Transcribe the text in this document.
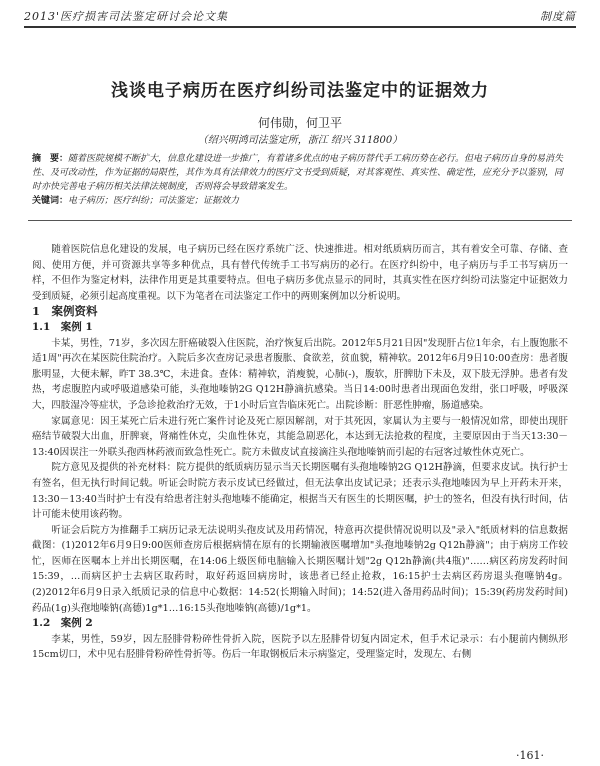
2013'医疗损害司法鉴定研讨会论文集	制度篇
浅谈电子病历在医疗纠纷司法鉴定中的证据效力
何伟勋，何卫平
（绍兴明鸿司法鉴定所，浙江 绍兴 311800）

摘　要：随着医院规模不断扩大，信息化建设进一步推广，有着诸多优点的电子病历替代手工病历势在必行。但电子病历自身的易消失性、及可改动性，作为证据的局限性，其作为具有法律效力的医疗文书受到质疑，对其客观性、真实性、确定性，应充分予以鉴别，同时亦快完善电子病历相关法律法规制度，否则将会导致错案发生。

关键词：电子病历；医疗纠纷；司法鉴定；证据效力

随着医院信息化建设的发展，电子病历已经在医疗系统广泛、快速推进。相对纸质病历而言，其有着安全可靠、存储、查阅、使用方便，并可资源共享等多种优点，具有替代传统手工书写病历的必行。在医疗纠纷中，电子病历与手工书写病历一样，不但作为鉴定材料，法律作用更是其重要特点。但电子病历多优点显示的同时，其真实性在医疗纠纷司法鉴定中证据效力受到质疑，必须引起高度重视。以下为笔者在司法鉴定工作中的两则案例加以分析说明。

1　案例资料

1.1　案例 1

卡某，男性，71岁，多次因左肝癌破裂入住医院，治疗恢复后出院。2012年5月21日因"发现肝占位1年余，右上腹饱胀不适1周"再次在某医院住院治疗。入院后多次查房记录患者腹胀、食欲差，贫血貌，精神软。2012年6月9日10:00查房：患者腹胀明显，大便未解，昨T 38.3℃，未进食。查体：精神软，消瘦貌，心肺(-)，腹软，肝脾肋下未及，双下肢无浮肿。患者有发热，考虑腹腔内或呼吸道感染可能，头孢地嗪钠2G Q12H静滴抗感染。当日14:00时患者出现面色发绀，张口呼吸，呼吸深大，四肢湿冷等症状，予急诊抢救治疗无效，于1小时后宣告临床死亡。出院诊断：肝恶性肿瘤，肠道感染。

家属意见：因王某死亡后未进行死亡案件讨论及死亡原因解剖，对于其死因，家属认为主要与一般情况如常，即使出现肝癌结节破裂大出血，肝脾衰，肾痛性休克，尖血性休克，其能急剧恶化，本达到无法抢救的程度，主要原因由于当天13:30－13:40因误注一外联头孢西林药液而致急性死亡。院方未做皮试直接滴注头孢地嗪钠而引起的右冠客过敏性休克死亡。

院方意见及提供的补充材料：院方提供的纸质病历显示当天长期医嘱有头孢地嗪钠2G Q12H静滴，但要求皮试。执行护士有签名，但无执行时间记载。听证会时院方表示皮试已经做过，但无法拿出皮试记录；还表示头孢地嗪因为早上开药未开来，13:30－13:40当时护士有没有给患者注射头孢地嗪不能确定，根据当天有医生的长期医嘱，护士的签名，但没有执行时间，估计可能未使用该药物。

听证会后院方为推翻手工病历记录无法说明头孢皮试及用药情况，特意再次提供情况说明以及"录入"纸质材料的信息数据截图：(1)2012年6月9日9:00医师查房后根据病情在原有的长期输液医嘱增加"头孢地嗪钠2g Q12h静滴"；由于病房工作较忙，医师在医嘱本上并出长期医嘱，在14:06上级医师电脑输入长期医嘱计划"2g Q12h静滴(共4瓶)"……病区药房发药时间15:39，…而病区护士去病区取药时，取好药返回病房时，该患者已经止抢救，16:15护士去病区药房退头孢噻钠4g。(2)2012年6月9日录入纸质记录的信息中心数据：14:52(长期输入时间)；14:52(进入备用药品时间)；15:39(药房发药时间)药品(1g)头孢地嗪钠(高德)1g*1…16:15头孢地嗪钠(高德)/1g*1。

1.2　案例 2

李某，男性，59岁，因左胫腓骨粉碎性骨折入院，医院予以左胫腓骨切复内固定术，但手术记录示：右小腿前内侧纵形15cm切口，术中见右胫腓骨粉碎性骨折等。伤后一年取钢板后未示病鉴定，受理鉴定时，发现左、右侧

·161·
